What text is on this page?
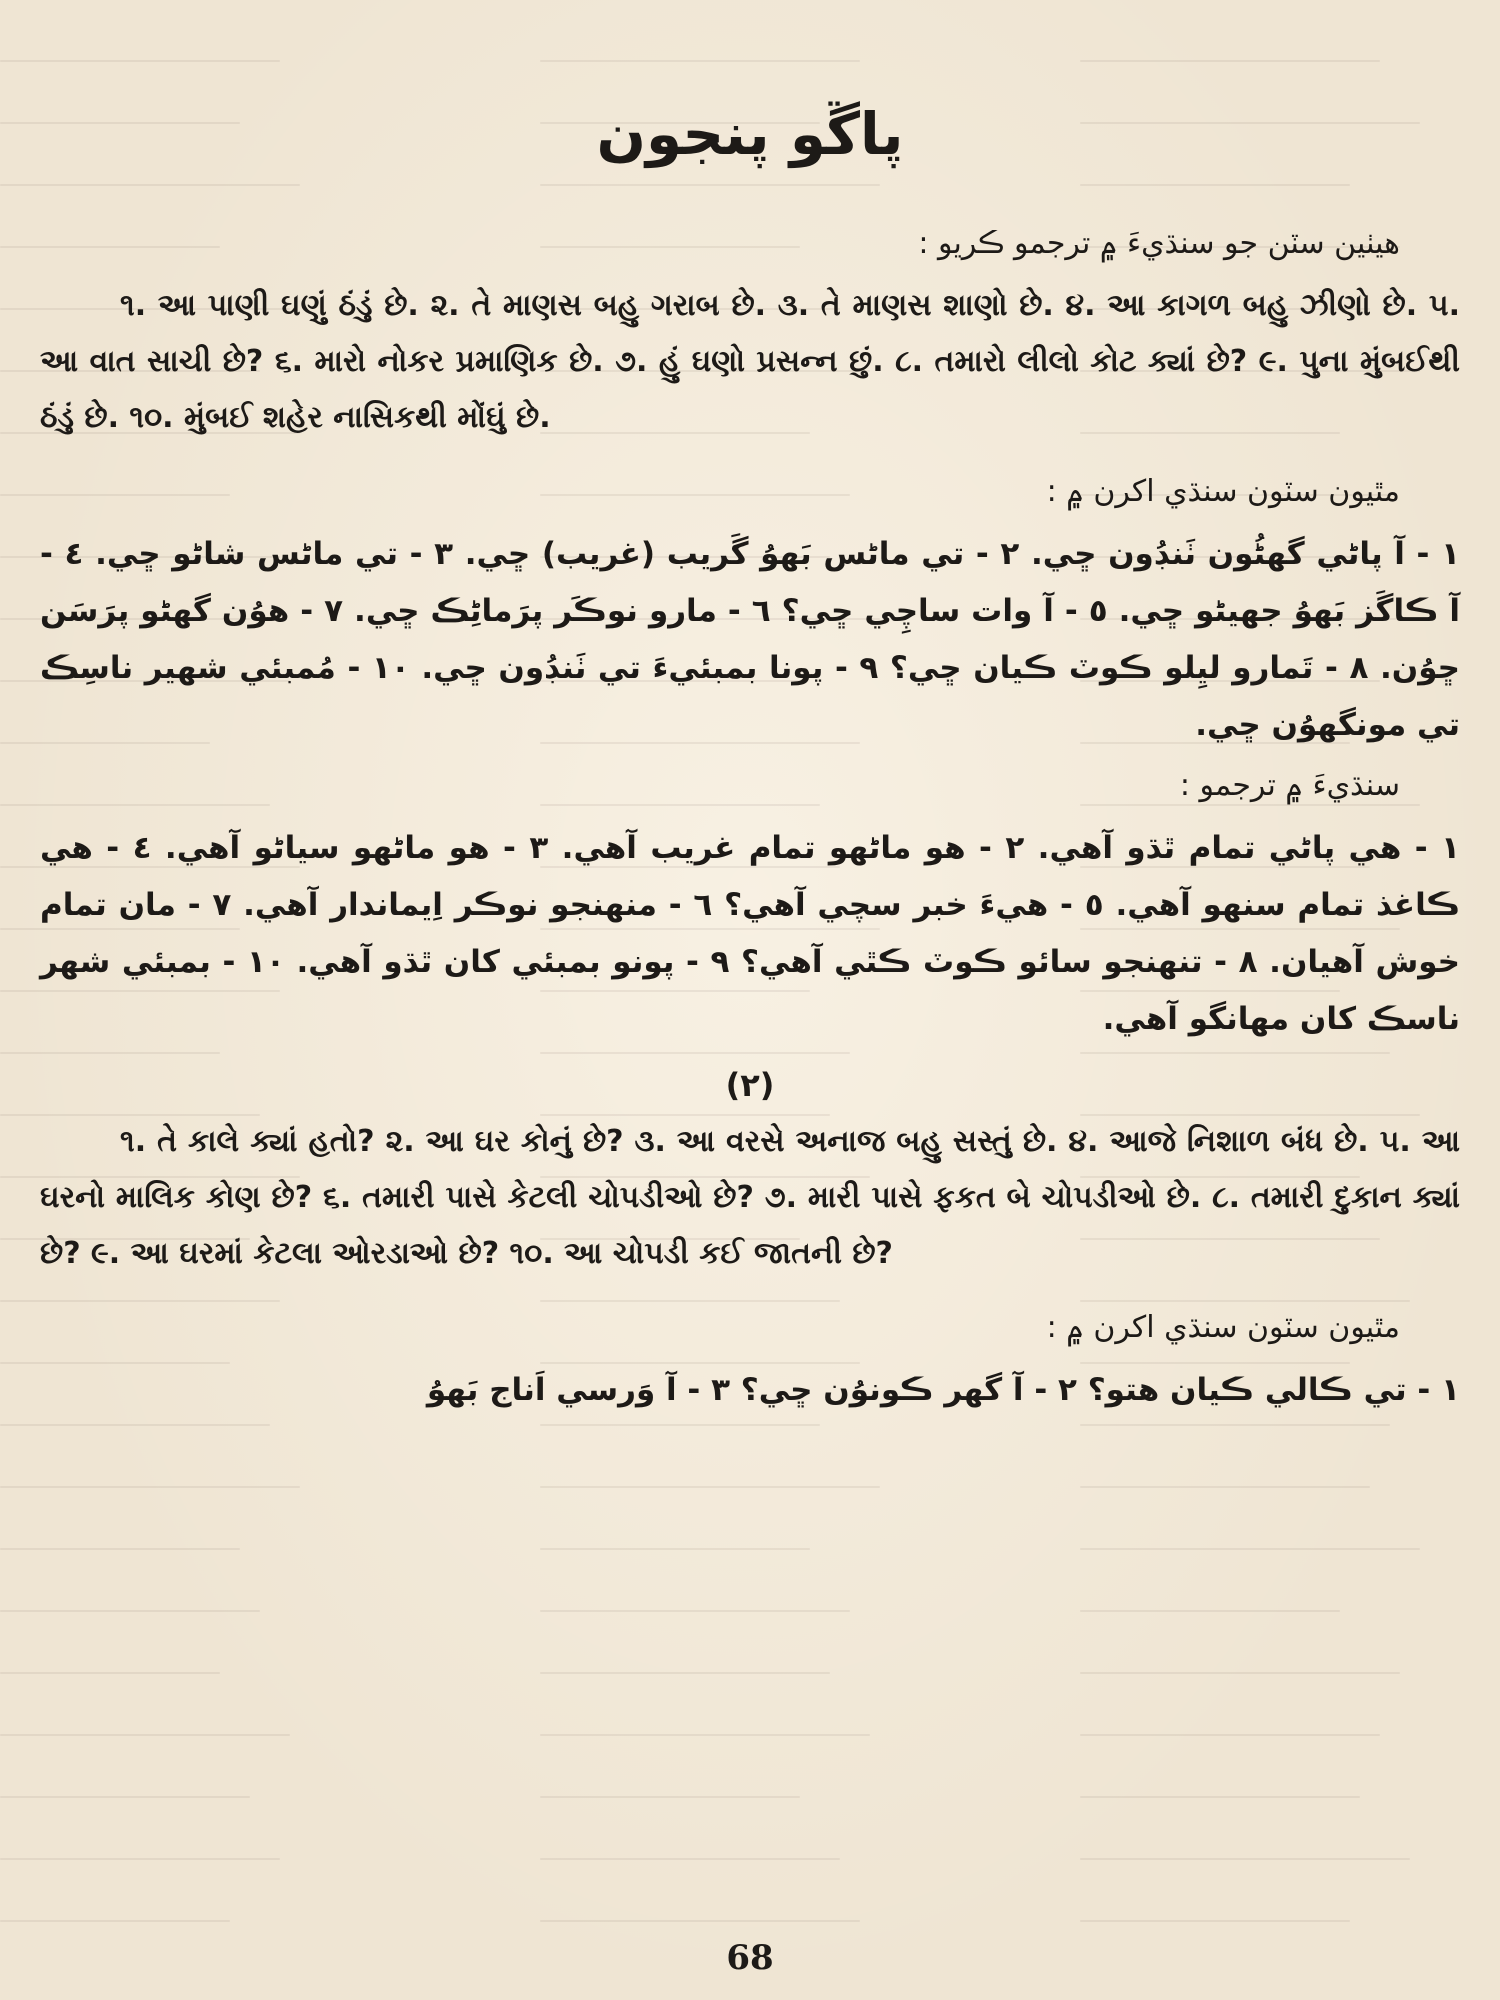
پاڱو پنجون
هيٺين سٽن جو سنڌيءَ ۾ ترجمو ڪريو :
૧. આ પાણી ઘણું ઠંડું છે. ૨. તે માણસ બહુ ગરાબ છે. ૩. તે માણસ શાણો છે. ૪. આ કાગળ બહુ ઝીણો છે. ૫. આ વાત સાચી છે? ૬. મારો નોકર પ્રમાણિક છે. ૭. હું ઘણો પ્રસન્ન છું. ૮. તમારો લીલો કોટ ક્યાં છે? ૯. પુના મુંબઈથી ઠંડું છે. ૧૦. મુંબઈ શહેર નાસિકથી મોંઘું છે.
مٿيون سٽون سنڌي اکرن ۾ :
١ - آ پاڻي گھڻُون ٺَنڊُون ڇي. ٢ - تي ماڻس بَھوُ گَريب (غريب) ڇي. ٣ - تي ماڻس شاڻو ڇي. ٤ - آ ڪاگَز بَھوُ جھيڻو ڇي. ٥ - آ وات ساچِي ڇي؟ ٦ - مارو نوڪَر پرَماڻِڪ ڇي. ٧ - ھوُن گھڻو پرَسَن ڇوُن. ٨ - تَمارو ليِلو ڪوٽ ڪيان ڇي؟ ٩ - پونا بمبئيءَ تي ٺَنڊُون ڇي. ١٠ - مُمبئي شھير ناسِڪ تي مونگھوُن ڇي.
سنڌيءَ ۾ ترجمو :
١ - هي پاڻي تمام ٿڌو آهي. ٢ - هو ماڻهو تمام غريب آهي. ٣ - هو ماڻهو سياڻو آهي. ٤ - هي ڪاغذ تمام سنهو آهي. ٥ - هيءَ خبر سچي آهي؟ ٦ - منهنجو نوڪر اِيماندار آهي. ٧ - مان تمام خوش آهيان. ٨ - تنهنجو سائو ڪوٽ ڪٿي آهي؟ ٩ - پونو بمبئي کان ٿڌو آهي. ١٠ - بمبئي شهر ناسڪ کان مهانگو آهي.
(٢)
૧. તે કાલે ક્યાં હતો? ૨. આ ઘર કોનું છે? ૩. આ વરસે અનાજ બહુ સસ્તું છે. ૪. આજે નિશાળ બંધ છે. ૫. આ ઘરનો માલિક કોણ છે? ૬. તમારી પાસે કેટલી ચોપડીઓ છે? ૭. મારી પાસે ફકત બે ચોપડીઓ છે. ૮. તમારી દુકાન ક્યાં છે? ૯. આ ઘરમાં કેટલા ઓરડાઓ છે? ૧૦. આ ચોપડી કઈ જાતની છે?
مٿيون سٽون سنڌي اکرن ۾ :
١ - تي ڪالي ڪيان هتو؟ ٢ - آ گھر ڪونوُن ڇي؟ ٣ - آ وَرسي اَناج بَھوُ
68
